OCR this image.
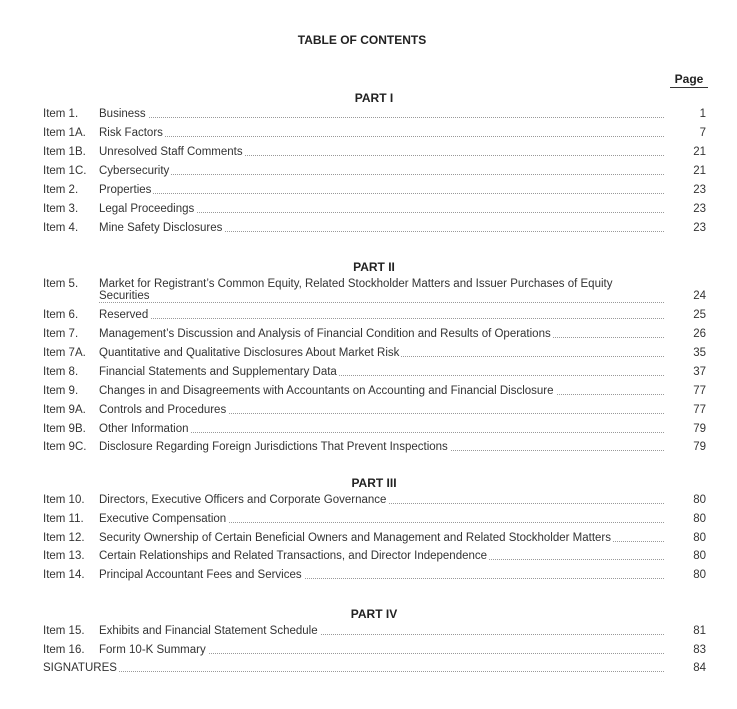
TABLE OF CONTENTS
Page
PART I
Item 1. Business	1
Item 1A. Risk Factors	7
Item 1B. Unresolved Staff Comments	21
Item 1C. Cybersecurity	21
Item 2. Properties	23
Item 3. Legal Proceedings	23
Item 4. Mine Safety Disclosures	23
PART II
Item 5. Market for Registrant’s Common Equity, Related Stockholder Matters and Issuer Purchases of Equity Securities	24
Item 6. Reserved	25
Item 7. Management’s Discussion and Analysis of Financial Condition and Results of Operations	26
Item 7A. Quantitative and Qualitative Disclosures About Market Risk	35
Item 8. Financial Statements and Supplementary Data	37
Item 9. Changes in and Disagreements with Accountants on Accounting and Financial Disclosure	77
Item 9A. Controls and Procedures	77
Item 9B. Other Information	79
Item 9C. Disclosure Regarding Foreign Jurisdictions That Prevent Inspections	79
PART III
Item 10. Directors, Executive Officers and Corporate Governance	80
Item 11. Executive Compensation	80
Item 12. Security Ownership of Certain Beneficial Owners and Management and Related Stockholder Matters	80
Item 13. Certain Relationships and Related Transactions, and Director Independence	80
Item 14. Principal Accountant Fees and Services	80
PART IV
Item 15. Exhibits and Financial Statement Schedule	81
Item 16. Form 10-K Summary	83
SIGNATURES	84
